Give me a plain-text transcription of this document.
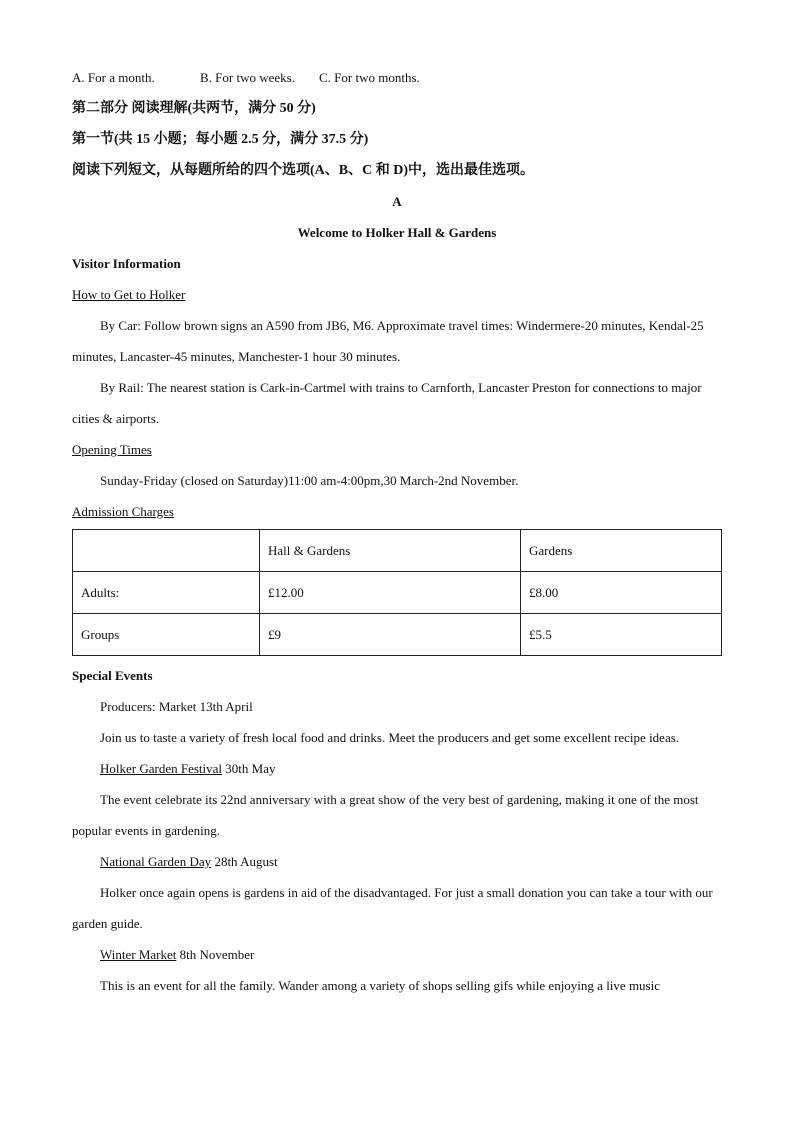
A. For a month.	B. For two weeks. C. For two months.
第二部分 阅读理解(共两节，满分 50 分)
第一节(共 15 小题；每小题 2.5 分，满分 37.5 分)
阅读下列短文，从每题所给的四个选项(A、B、C 和 D)中，选出最佳选项。
A
Welcome to Holker Hall & Gardens
Visitor Information
How to Get to Holker
By Car: Follow brown signs an A590 from JB6, M6. Approximate travel times: Windermere-20 minutes, Kendal-25 minutes, Lancaster-45 minutes, Manchester-1 hour 30 minutes.
By Rail: The nearest station is Cark-in-Cartmel with trains to Carnforth, Lancaster Preston for connections to major cities & airports.
Opening Times
Sunday-Friday (closed on Saturday)11:00 am-4:00pm,30 March-2nd November.
Admission Charges
	Hall & Gardens	Gardens
Adults:	£12.00	£8.00
Groups	£9	£5.5
Special Events
Producers: Market 13th April
Join us to taste a variety of fresh local food and drinks. Meet the producers and get some excellent recipe ideas.
Holker Garden Festival 30th May
The event celebrate its 22nd anniversary with a great show of the very best of gardening, making it one of the most popular events in gardening.
National Garden Day 28th August
Holker once again opens is gardens in aid of the disadvantaged. For just a small donation you can take a tour with our garden guide.
Winter Market 8th November
This is an event for all the family. Wander among a variety of shops selling gifs while enjoying a live music
